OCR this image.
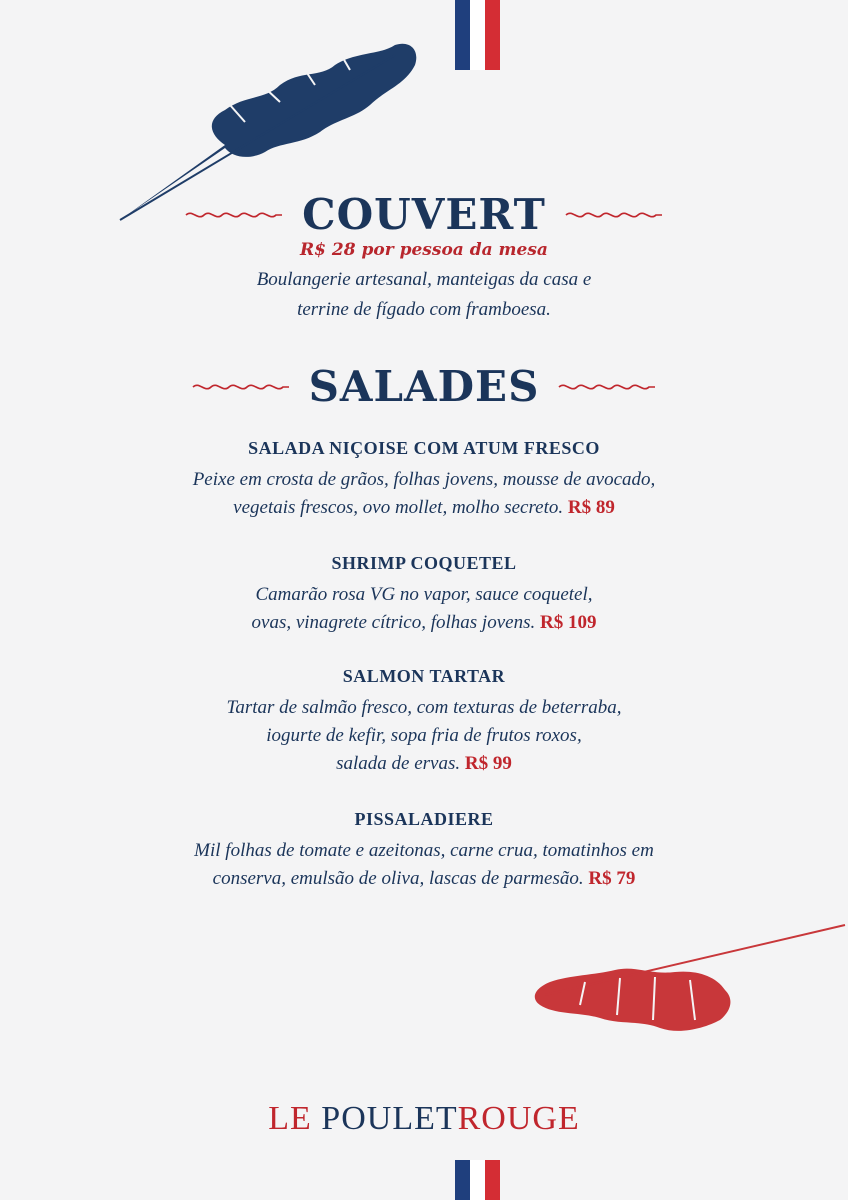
COUVERT
R$ 28 por pessoa da mesa
Boulangerie artesanal, manteigas da casa e
terrine de fígado com framboesa.
SALADES
SALADA NIÇOISE COM ATUM FRESCO
Peixe em crosta de grãos, folhas jovens, mousse de avocado,
vegetais frescos, ovo mollet, molho secreto. R$ 89
SHRIMP COQUETEL
Camarão rosa VG no vapor, sauce coquetel,
ovas, vinagrete cítrico, folhas jovens. R$ 109
SALMON TARTAR
Tartar de salmão fresco, com texturas de beterraba,
iogurte de kefir, sopa fria de frutos roxos,
salada de ervas. R$ 99
PISSALADIERE
Mil folhas de tomate e azeitonas, carne crua, tomatinhos em
conserva, emulsão de oliva, lascas de parmesão. R$ 79
LE POULETROUGE
